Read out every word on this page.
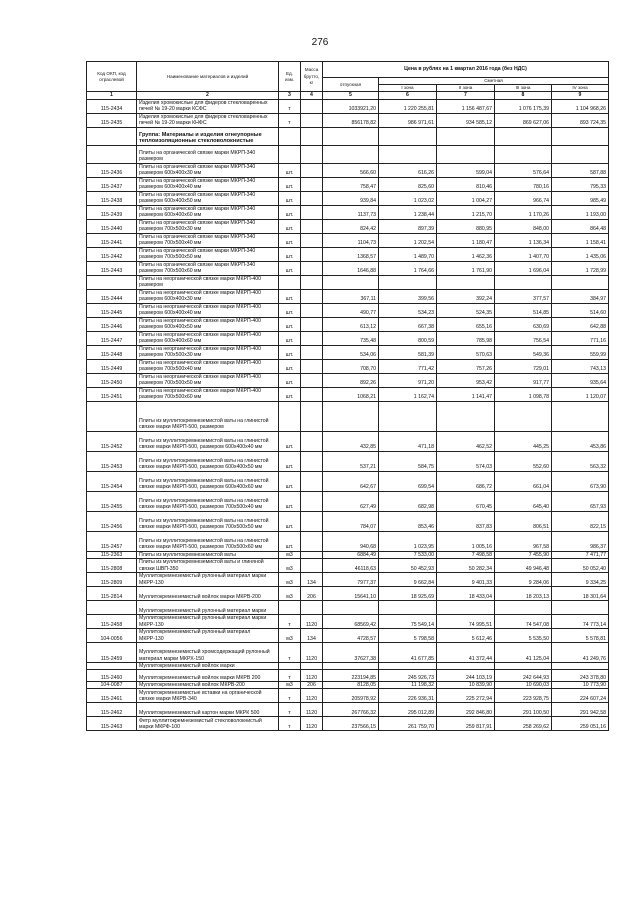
276
Код ОКП, код отраслевой	Наименование материалов и изделий	Ед. изм.	Масса брутто, кг	Цена в рублях на 1 квартал 2016 года (без НДС)				
				отпускная	Сметная			
					I зона	II зона	III зона	IV зона
1	2	3	4	5	6	7	8	9
115-2434	Изделия хромокислые для фидеров стекловаренных печей № 19-20 марки КСФС	т		1033921,20	1 220 255,81	1 156 487,67	1 076 175,39	1 104 968,26
115-2435	Изделия хромокислые для фидеров стекловаренных печей № 19-20 марки КНФС	т		856178,82	986 971,61	934 585,12	869 627,06	893 724,35
	Группа: Материалы и изделия огнеупорные теплоизоляционные стекловолокнистые							
	Плиты на органической связке марки МКРП-340 размером							
115-2436	Плиты на органической связке марки МКРП-340 размером 600х400х30 мм	шт.		566,60	616,26	599,04	576,64	587,88
115-2437	Плиты на органической связке марки МКРП-340 размером 600х400х40 мм	шт.		758,47	825,60	810,46	780,16	795,33
115-2438	Плиты на органической связке марки МКРП-340 размером 600х400х50 мм	шт.		939,84	1 023,02	1 004,27	966,74	985,49
115-2439	Плиты на органической связке марки МКРП-340 размером 600х400х60 мм	шт.		1137,73	1 238,44	1 215,70	1 170,26	1 193,00
115-2440	Плиты на органической связке марки МКРП-340 размером 700х500х30 мм	шт.		824,42	897,39	880,95	848,00	864,48
115-2441	Плиты на органической связке марки МКРП-340 размером 700х500х40 мм	шт.		1104,73	1 202,54	1 180,47	1 136,34	1 158,41
115-2442	Плиты на органической связке марки МКРП-340 размером 700х500х50 мм	шт.		1368,57	1 489,70	1 462,36	1 407,70	1 435,06
115-2443	Плиты на органической связке марки МКРП-340 размером 700х500х60 мм	шт.		1646,88	1 764,66	1 761,90	1 696,04	1 728,99
	Плиты на неорганической связке марки МКРП-400 размером							
115-2444	Плиты на неорганической связке марки МКРП-400 размером 600х400х30 мм	шт.		367,11	399,56	392,24	377,57	384,97
115-2445	Плиты на неорганической связке марки МКРП-400 размером 600х400х40 мм	шт.		490,77	534,23	524,35	514,85	514,60
115-2446	Плиты на неорганической связке марки МКРП-400 размером 600х400х50 мм	шт.		613,12	667,38	655,16	630,69	642,88
115-2447	Плиты на неорганической связке марки МКРП-400 размером 600х400х60 мм	шт.		735,48	800,59	785,98	756,54	771,16
115-2448	Плиты на неорганической связке марки МКРП-400 размером 700х500х30 мм	шт.		534,06	581,39	570,63	549,36	559,99
115-2449	Плиты на неорганической связке марки МКРП-400 размером 700х500х40 мм	шт.		708,70	771,42	757,26	729,01	743,13
115-2450	Плиты на неорганической связке марки МКРП-400 размером 700х500х50 мм	шт.		892,26	971,20	953,42	917,77	935,64
115-2451	Плиты на неорганической связке марки МКРП-400 размером 700х500х60 мм	шт.		1068,21	1 162,74	1 141,47	1 098,78	1 120,07
	Плиты из муллитокремнеземистой ваты на глинистой связке марки МКРП-500, размером							
115-2452	Плиты из муллитокремнеземистой ваты на глинистой связке марки МКРП-500, размером 600х400х40 мм	шт.		432,85	471,18	462,52	445,25	453,86
115-2453	Плиты из муллитокремнеземистой ваты на глинистой связке марки МКРП-500, размером 600х400х50 мм	шт.		537,21	584,75	574,03	552,60	563,32
115-2454	Плиты из муллитокремнеземистой ваты на глинистой связке марки МКРП-500, размером 600х400х60 мм	шт.		642,67	699,54	686,72	661,04	673,90
115-2455	Плиты из муллитокремнеземистой ваты на глинистой связке марки МКРП-500, размером 700х500х40 мм	шт.		627,49	682,98	670,45	645,40	657,93
115-2456	Плиты из муллитокремнеземистой ваты на глинистой связке марки МКРП-500, размером 700х500х50 мм	шт.		784,07	853,46	837,83	806,51	822,15
115-2457	Плиты из муллитокремнеземистой ваты на глинистой связке марки МКРП-500, размером 700х500х60 мм	шт.		940,68	1 023,95	1 005,16	967,58	986,37
115-2363	Плиты из муллитокремнеземистой ваты	м3		6884,49	7 533,00	7 498,58	7 455,90	7 471,77
115-2808	Плиты из муллитокремнеземистой ваты и глиняной связки ШВП-350	м3		46118,63	50 452,93	50 282,34	49 946,48	50 052,40
115-2809	Муллитокремнеземистый рулонный материал марки МКРР-130	м3	134	7977,37	9 662,84	9 401,33	9 284,06	9 334,25
115-2814	Муллитокремнеземистый войлок марки МКРВ-200	м3	206	15641,10	18 925,69	18 433,04	18 203,13	18 301,64
	Муллитокремнеземистый рулонный материал марки							
115-2458	Муллитокремнеземистый рулонный материал марки МКРР-130	т	1120	68569,42	75 549,14	74 995,51	74 547,08	74 773,14
104-0056	Муллитокремнеземистый рулонный материал МКРР-130	м3	134	4728,57	5 798,58	5 612,46	5 535,50	5 578,81
115-2459	Муллитокремнеземистый хромсодержащий рулонный материал марки МКРХ-150	т	1120	37627,38	41 677,85	41 372,44	41 125,04	41 249,76
	Муллитокремнеземистый войлок марки							
115-2460	Муллитокремнеземистый войлок марки МКРВ 200	т	1120	223194,85	245 926,73	244 103,19	242 644,93	243 378,80
104-0087	Муллитокремнеземистый войлок МКРВ-200	м3	206	8128,05	11 198,32	10 839,90	10 690,03	10 773,90
115-2461	Муллитокремнеземистые вставки на органической связке марки МКРВ-340	т	1120	205978,92	226 936,31	225 272,94	223 928,75	224 607,24
115-2462	Муллитокремнеземистый картон марки МКРК 500	т	1120	267766,32	295 012,89	292 846,80	291 100,50	291 942,58
115-2463	Фетр муллитокремнеземистый стекловолокнистый марки МКРФ-100	т	1120	237566,15	261 759,70	259 817,91	258 269,62	259 051,16
